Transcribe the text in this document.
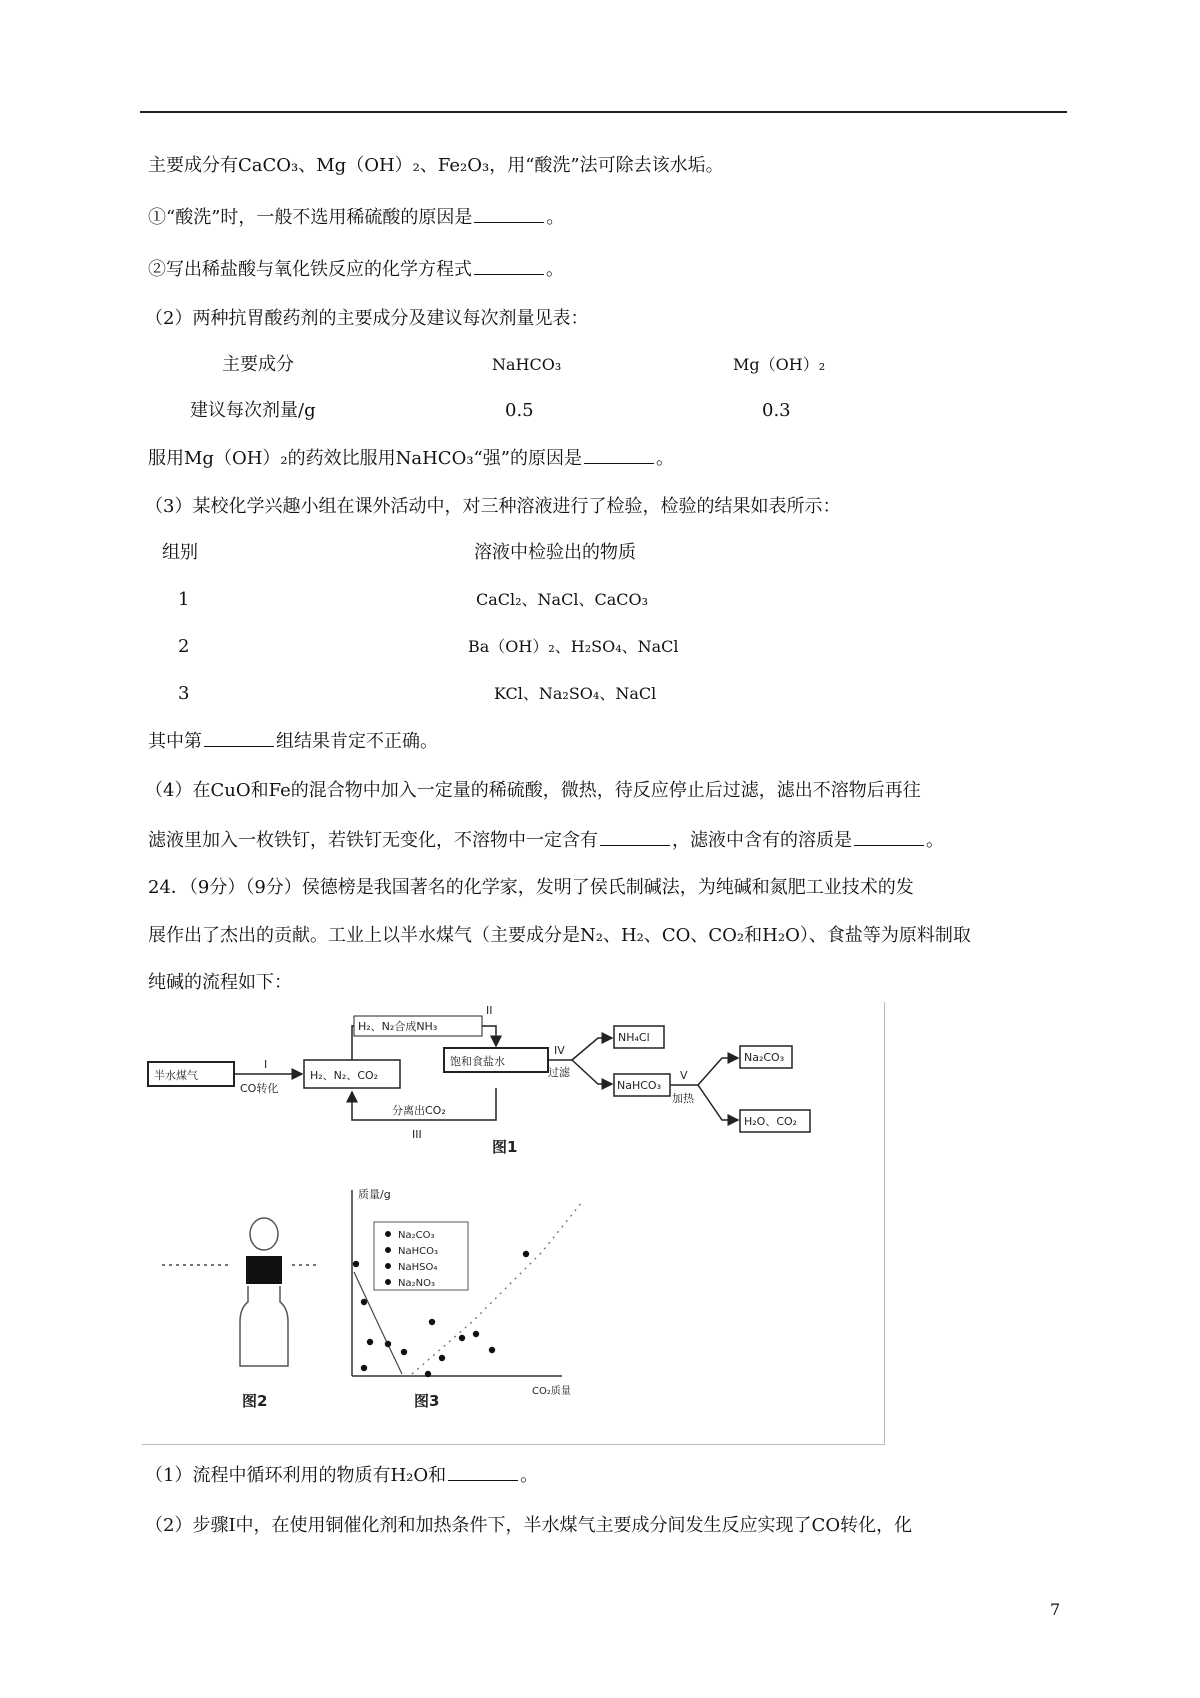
主要成分有CaCO₃、Mg（OH）₂、Fe₂O₃，用“酸洗”法可除去该水垢。
①“酸洗”时，一般不选用稀硫酸的原因是	。
②写出稀盐酸与氧化铁反应的化学方程式	。
（2）两种抗胃酸药剂的主要成分及建议每次剂量见表：
主要成分	NaHCO₃	Mg（OH）₂
建议每次剂量/g	0.5	0.3
服用Mg（OH）₂的药效比服用NaHCO₃“强”的原因是	。
（3）某校化学兴趣小组在课外活动中，对三种溶液进行了检验，检验的结果如表所示：
组别	溶液中检验出的物质
1	CaCl₂、NaCl、CaCO₃
2	Ba（OH）₂、H₂SO₄、NaCl
3	KCl、Na₂SO₄、NaCl
其中第	组结果肯定不正确。
（4）在CuO和Fe的混合物中加入一定量的稀硫酸，微热，待反应停止后过滤，滤出不溶物后再往
滤液里加入一枚铁钉，若铁钉无变化，不溶物中一定含有	，滤液中含有的溶质是	。
24．（9分）（9分）侯德榜是我国著名的化学家，发明了侯氏制碱法，为纯碱和氮肥工业技术的发
展作出了杰出的贡献。工业上以半水煤气（主要成分是N₂、H₂、CO、CO₂和H₂O）、食盐等为原料制取
纯碱的流程如下：
半水煤气
I
CO转化
H₂、N₂、CO₂
H₂、N₂合成NH₃
II
分离出CO₂
III
饱和食盐水
IV
过滤
NH₄Cl
NaHCO₃
V
加热
Na₂CO₃
H₂O、CO₂
图1
图2
质量/g
Na₂CO₃
NaHCO₃
NaHSO₄
Na₂NO₃
CO₂质量
图3
（1）流程中循环利用的物质有H₂O和	。
（2）步骤Ⅰ中，在使用铜催化剂和加热条件下，半水煤气主要成分间发生反应实现了CO转化，化
7
